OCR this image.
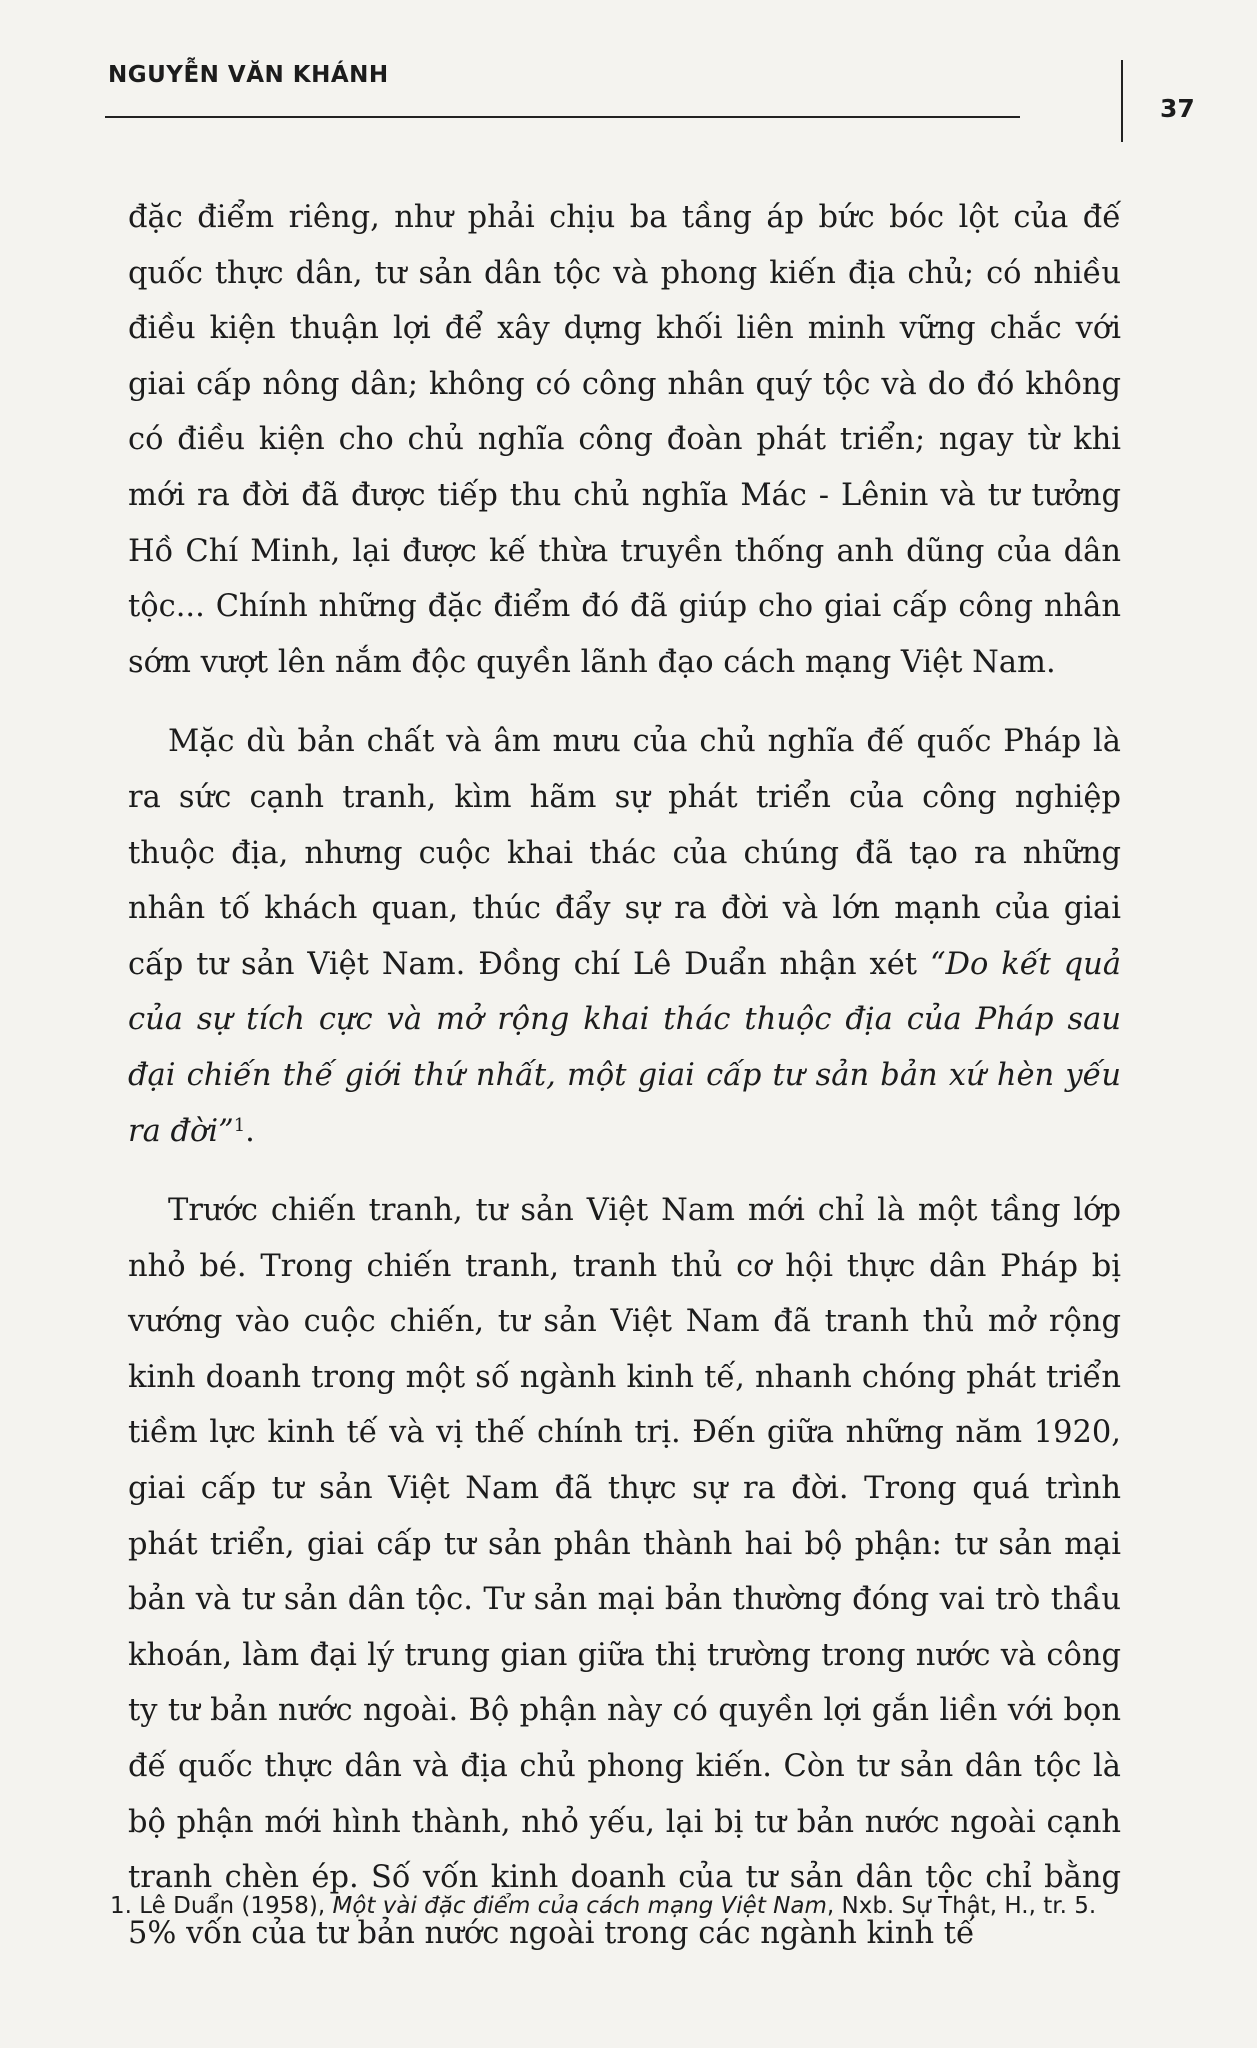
NGUYỄN VĂN KHÁNH
37

đặc điểm riêng, như phải chịu ba tầng áp bức bóc lột của đế quốc thực dân, tư sản dân tộc và phong kiến địa chủ; có nhiều điều kiện thuận lợi để xây dựng khối liên minh vững chắc với giai cấp nông dân; không có công nhân quý tộc và do đó không có điều kiện cho chủ nghĩa công đoàn phát triển; ngay từ khi mới ra đời đã được tiếp thu chủ nghĩa Mác - Lênin và tư tưởng Hồ Chí Minh, lại được kế thừa truyền thống anh dũng của dân tộc... Chính những đặc điểm đó đã giúp cho giai cấp công nhân sớm vượt lên nắm độc quyền lãnh đạo cách mạng Việt Nam.

Mặc dù bản chất và âm mưu của chủ nghĩa đế quốc Pháp là ra sức cạnh tranh, kìm hãm sự phát triển của công nghiệp thuộc địa, nhưng cuộc khai thác của chúng đã tạo ra những nhân tố khách quan, thúc đẩy sự ra đời và lớn mạnh của giai cấp tư sản Việt Nam. Đồng chí Lê Duẩn nhận xét “Do kết quả của sự tích cực và mở rộng khai thác thuộc địa của Pháp sau đại chiến thế giới thứ nhất, một giai cấp tư sản bản xứ hèn yếu ra đời”$^1$.

Trước chiến tranh, tư sản Việt Nam mới chỉ là một tầng lớp nhỏ bé. Trong chiến tranh, tranh thủ cơ hội thực dân Pháp bị vướng vào cuộc chiến, tư sản Việt Nam đã tranh thủ mở rộng kinh doanh trong một số ngành kinh tế, nhanh chóng phát triển tiềm lực kinh tế và vị thế chính trị. Đến giữa những năm 1920, giai cấp tư sản Việt Nam đã thực sự ra đời. Trong quá trình phát triển, giai cấp tư sản phân thành hai bộ phận: tư sản mại bản và tư sản dân tộc. Tư sản mại bản thường đóng vai trò thầu khoán, làm đại lý trung gian giữa thị trường trong nước và công ty tư bản nước ngoài. Bộ phận này có quyền lợi gắn liền với bọn đế quốc thực dân và địa chủ phong kiến. Còn tư sản dân tộc là bộ phận mới hình thành, nhỏ yếu, lại bị tư bản nước ngoài cạnh tranh chèn ép. Số vốn kinh doanh của tư sản dân tộc chỉ bằng 5% vốn của tư bản nước ngoài trong các ngành kinh tế

1. Lê Duẩn (1958), Một vài đặc điểm của cách mạng Việt Nam, Nxb. Sự Thật, H., tr. 5.
